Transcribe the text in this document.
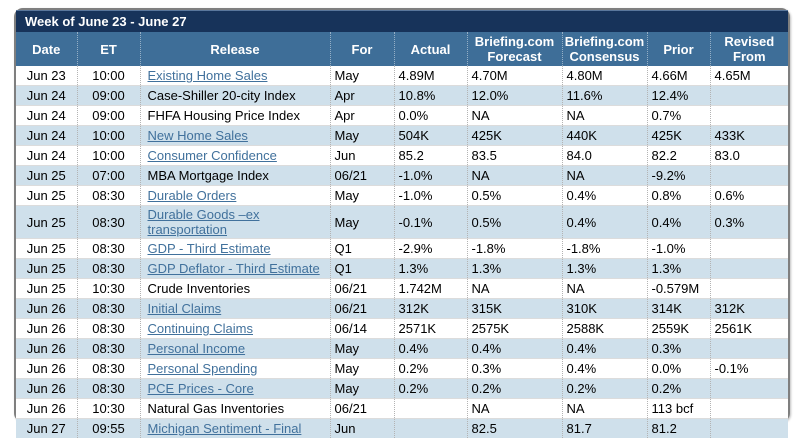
Week of June 23 - June 27
Date	ET	Release	For	Actual	Briefing.com Forecast	Briefing.com Consensus	Prior	Revised From
Jun 23	10:00	Existing Home Sales	May	4.89M	4.70M	4.80M	4.66M	4.65M
Jun 24	09:00	Case-Shiller 20-city Index	Apr	10.8%	12.0%	11.6%	12.4%	
Jun 24	09:00	FHFA Housing Price Index	Apr	0.0%	NA	NA	0.7%	
Jun 24	10:00	New Home Sales	May	504K	425K	440K	425K	433K
Jun 24	10:00	Consumer Confidence	Jun	85.2	83.5	84.0	82.2	83.0
Jun 25	07:00	MBA Mortgage Index	06/21	-1.0%	NA	NA	-9.2%	
Jun 25	08:30	Durable Orders	May	-1.0%	0.5%	0.4%	0.8%	0.6%
Jun 25	08:30	Durable Goods –ex transportation	May	-0.1%	0.5%	0.4%	0.4%	0.3%
Jun 25	08:30	GDP - Third Estimate	Q1	-2.9%	-1.8%	-1.8%	-1.0%	
Jun 25	08:30	GDP Deflator - Third Estimate	Q1	1.3%	1.3%	1.3%	1.3%	
Jun 25	10:30	Crude Inventories	06/21	1.742M	NA	NA	-0.579M	
Jun 26	08:30	Initial Claims	06/21	312K	315K	310K	314K	312K
Jun 26	08:30	Continuing Claims	06/14	2571K	2575K	2588K	2559K	2561K
Jun 26	08:30	Personal Income	May	0.4%	0.4%	0.4%	0.3%	
Jun 26	08:30	Personal Spending	May	0.2%	0.3%	0.4%	0.0%	-0.1%
Jun 26	08:30	PCE Prices - Core	May	0.2%	0.2%	0.2%	0.2%	
Jun 26	10:30	Natural Gas Inventories	06/21		NA	NA	113 bcf	
Jun 27	09:55	Michigan Sentiment - Final	Jun		82.5	81.7	81.2	
